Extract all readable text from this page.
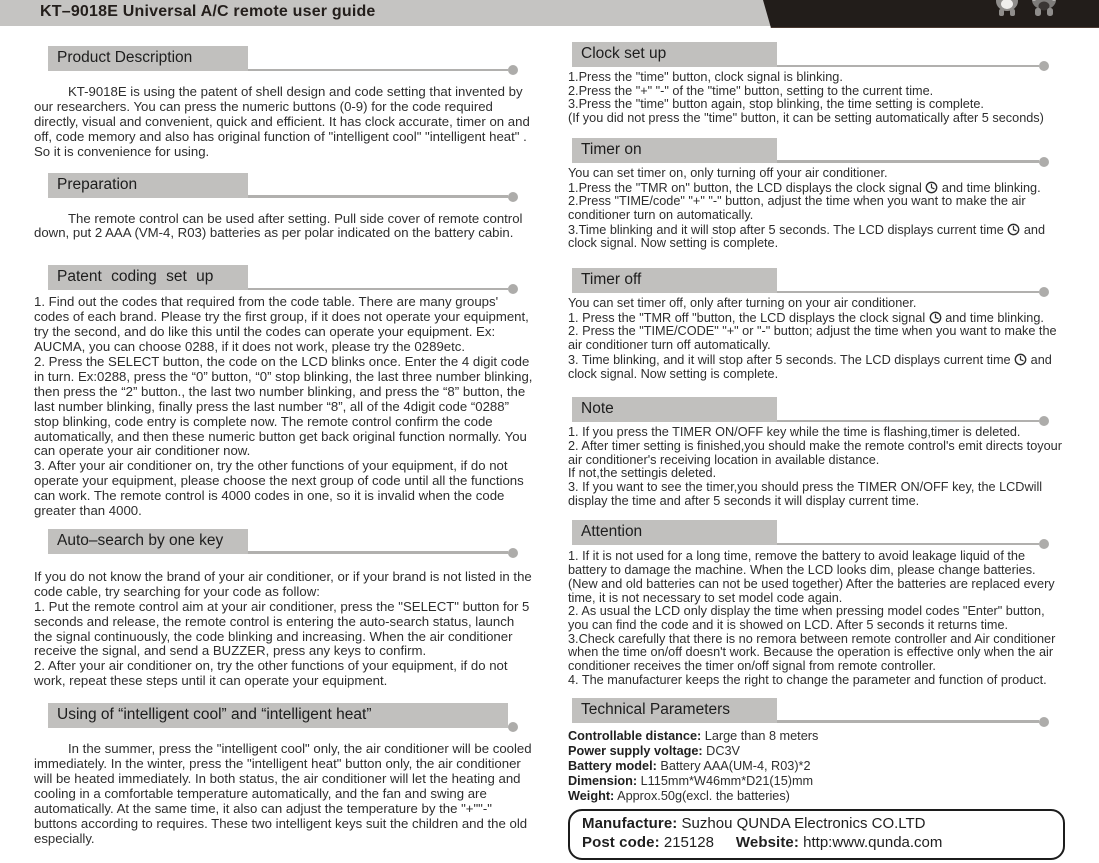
KT–9018E Universal A/C remote user guide
Product Description

KT-9018E is using the patent of shell design and code setting that invented by our researchers. You can press the numeric buttons (0-9) for the code required directly, visual and convenient, quick and efficient. It has clock accurate, timer on and off, code memory and also has original function of "intelligent cool" "intelligent heat" . So it is convenience for using.

Preparation

The remote control can be used after setting. Pull side cover of remote control down, put 2 AAA (VM-4, R03) batteries as per polar indicated on the battery cabin.

Patent coding set up

1. Find out the codes that required from the code table. There are many groups' codes of each brand. Please try the first group, if it does not operate your equipment, try the second, and do like this until the codes can operate your equipment. Ex: AUCMA, you can choose 0288, if it does not work, please try the 0289etc.

2. Press the SELECT button, the code on the LCD blinks once. Enter the 4 digit code in turn. Ex:0288, press the “0” button, “0” stop blinking, the last three number blinking, then press the “2” button., the last two number blinking, and press the “8” button, the last number blinking, finally press the last number “8”, all of the 4digit code “0288” stop blinking, code entry is complete now. The remote control confirm the code automatically, and then these numeric button get back original function normally. You can operate your air conditioner now.

3. After your air conditioner on, try the other functions of your equipment, if do not operate your equipment, please choose the next group of code until all the functions can work. The remote control is 4000 codes in one, so it is invalid when the code greater than 4000.

Auto–search by one key

If you do not know the brand of your air conditioner, or if your brand is not listed in the code cable, try searching for your code as follow:

1. Put the remote control aim at your air conditioner, press the "SELECT" button for 5 seconds and release, the remote control is entering the auto-search status, launch the signal continuously, the code blinking and increasing. When the air conditioner receive the signal, and send a BUZZER, press any keys to confirm.

2. After your air conditioner on, try the other functions of your equipment, if do not work, repeat these steps until it can operate your equipment.

Using of “intelligent cool” and “intelligent heat”

In the summer, press the "intelligent cool" only, the air conditioner will be cooled immediately. In the winter, press the "intelligent heat" button only, the air conditioner will be heated immediately. In both status, the air conditioner will let the heating and cooling in a comfortable temperature automatically, and the fan and swing are automatically. At the same time, it also can adjust the temperature by the "+""-" buttons according to requires. These two intelligent keys suit the children and the old especially.

Clock set up

1.Press the "time" button, clock signal is blinking.

2.Press the "+" "-" of the "time" button, setting to the current time.

3.Press the "time" button again, stop blinking, the time setting is complete.

(If you did not press the "time" button, it can be setting automatically after 5 seconds)

Timer on

You can set timer on, only turning off your air conditioner.

1.Press the "TMR on" button, the LCD displays the clock signal  and time blinking.

2.Press "TIME/code" "+" "-" button, adjust the time when you want to make the air conditioner turn on automatically.

3.Time blinking and it will stop after 5 seconds. The LCD displays current time  and clock signal. Now setting is complete.

Timer off

You can set timer off, only after turning on your air conditioner.

1. Press the "TMR off "button, the LCD displays the clock signal  and time blinking.

2. Press the "TIME/CODE" "+" or "-" button; adjust the time when you want to make the air conditioner turn off automatically.

3. Time blinking, and it will stop after 5 seconds. The LCD displays current time  and clock signal. Now setting is complete.

Note

1. If you press the TIMER ON/OFF key while the time is flashing,timer is deleted.

2. After timer setting is finished,you should make the remote control's emit directs toyour air conditioner's receiving location in available distance.

If not,the settingis deleted.

3. If you want to see the timer,you should press the TIMER ON/OFF key, the LCDwill display the time and after 5 seconds it will display current time.

Attention

1. If it is not used for a long time, remove the battery to avoid leakage liquid of the battery to damage the machine. When the LCD looks dim, please change batteries. (New and old batteries can not be used together) After the batteries are replaced every time, it is not necessary to set model code again.

2. As usual the LCD only display the time when pressing model codes "Enter" button, you can find the code and it is showed on LCD. After 5 seconds it returns time.

3.Check carefully that there is no remora between remote controller and Air conditioner when the time on/off doesn't work. Because the operation is effective only when the air conditioner receives the timer on/off signal from remote controller.

4. The manufacturer keeps the right to change the parameter and function of product.

Technical Parameters

Controllable distance: Large than 8 meters

Power supply voltage: DC3V

Battery model: Battery AAA(UM-4, R03)*2

Dimension: L115mm*W46mm*D21(15)mm

Weight: Approx.50g(excl. the batteries)

Manufacture: Suzhou QUNDA Electronics CO.LTD
Post code: 215128 Website: http:www.qunda.com
